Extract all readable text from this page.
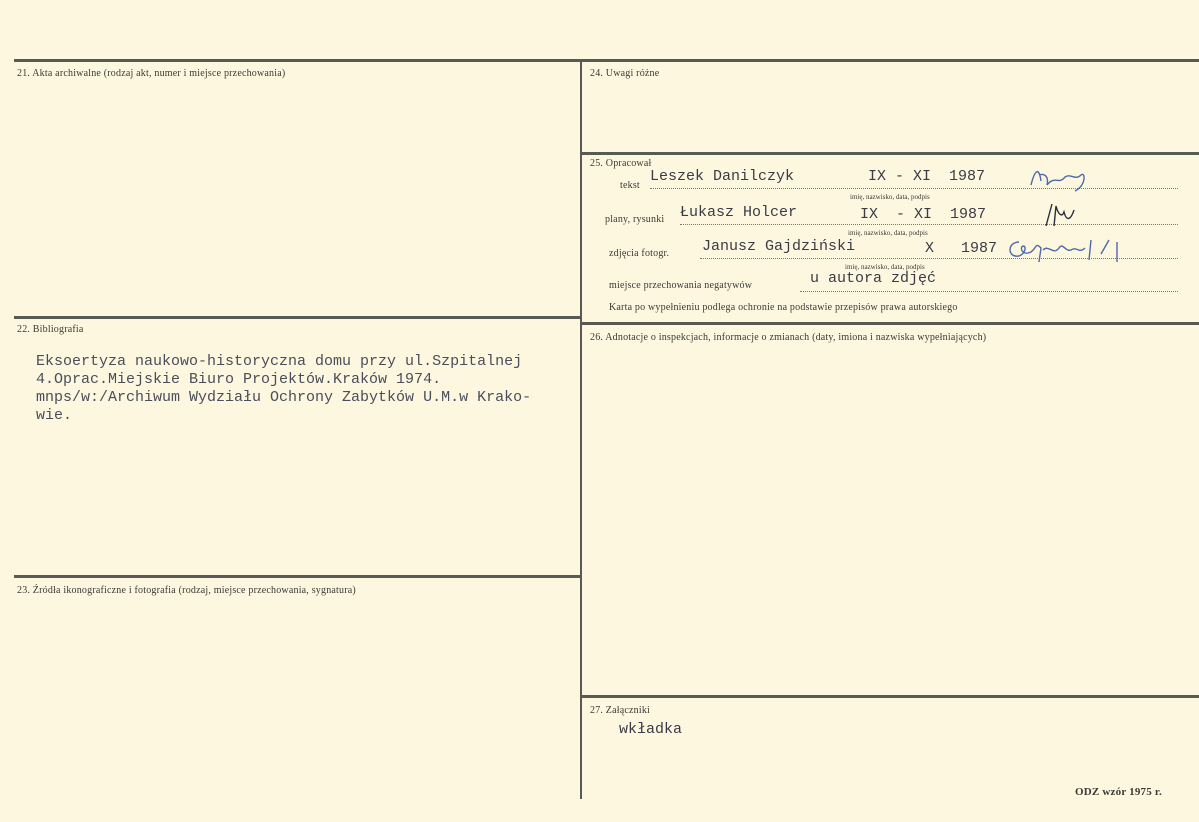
21. Akta archiwalne (rodzaj akt, numer i miejsce przechowania)
22. Bibliografia
Eksoertyza naukowo-historyczna domu przy ul.Szpitalnej
4.Oprac.Miejskie Biuro Projektów.Kraków 1974.
mnps/w:/Archiwum Wydziału Ochrony Zabytków U.M.w Krako-
wie.
23. Źródła ikonograficzne i fotografia (rodzaj, miejsce przechowania, sygnatura)
24. Uwagi różne
25. Opracował
tekst
Leszek Danilczyk	IX - XI  1987
imię, nazwisko, data, podpis
plany, rysunki Łukasz Holcer	IX  - XI  1987
imię, nazwisko, data, podpis
zdjęcia fotogr. Janusz Gajdziński	X   1987
imię, nazwisko, data, podpis
miejsce przechowania negatywów	u autora zdjęć
Karta po wypełnieniu podlega ochronie na podstawie przepisów prawa autorskiego
26. Adnotacje o inspekcjach, informacje o zmianach (daty, imiona i nazwiska wypełniających)
27. Załączniki
wkładka
ODZ wzór 1975 r.
